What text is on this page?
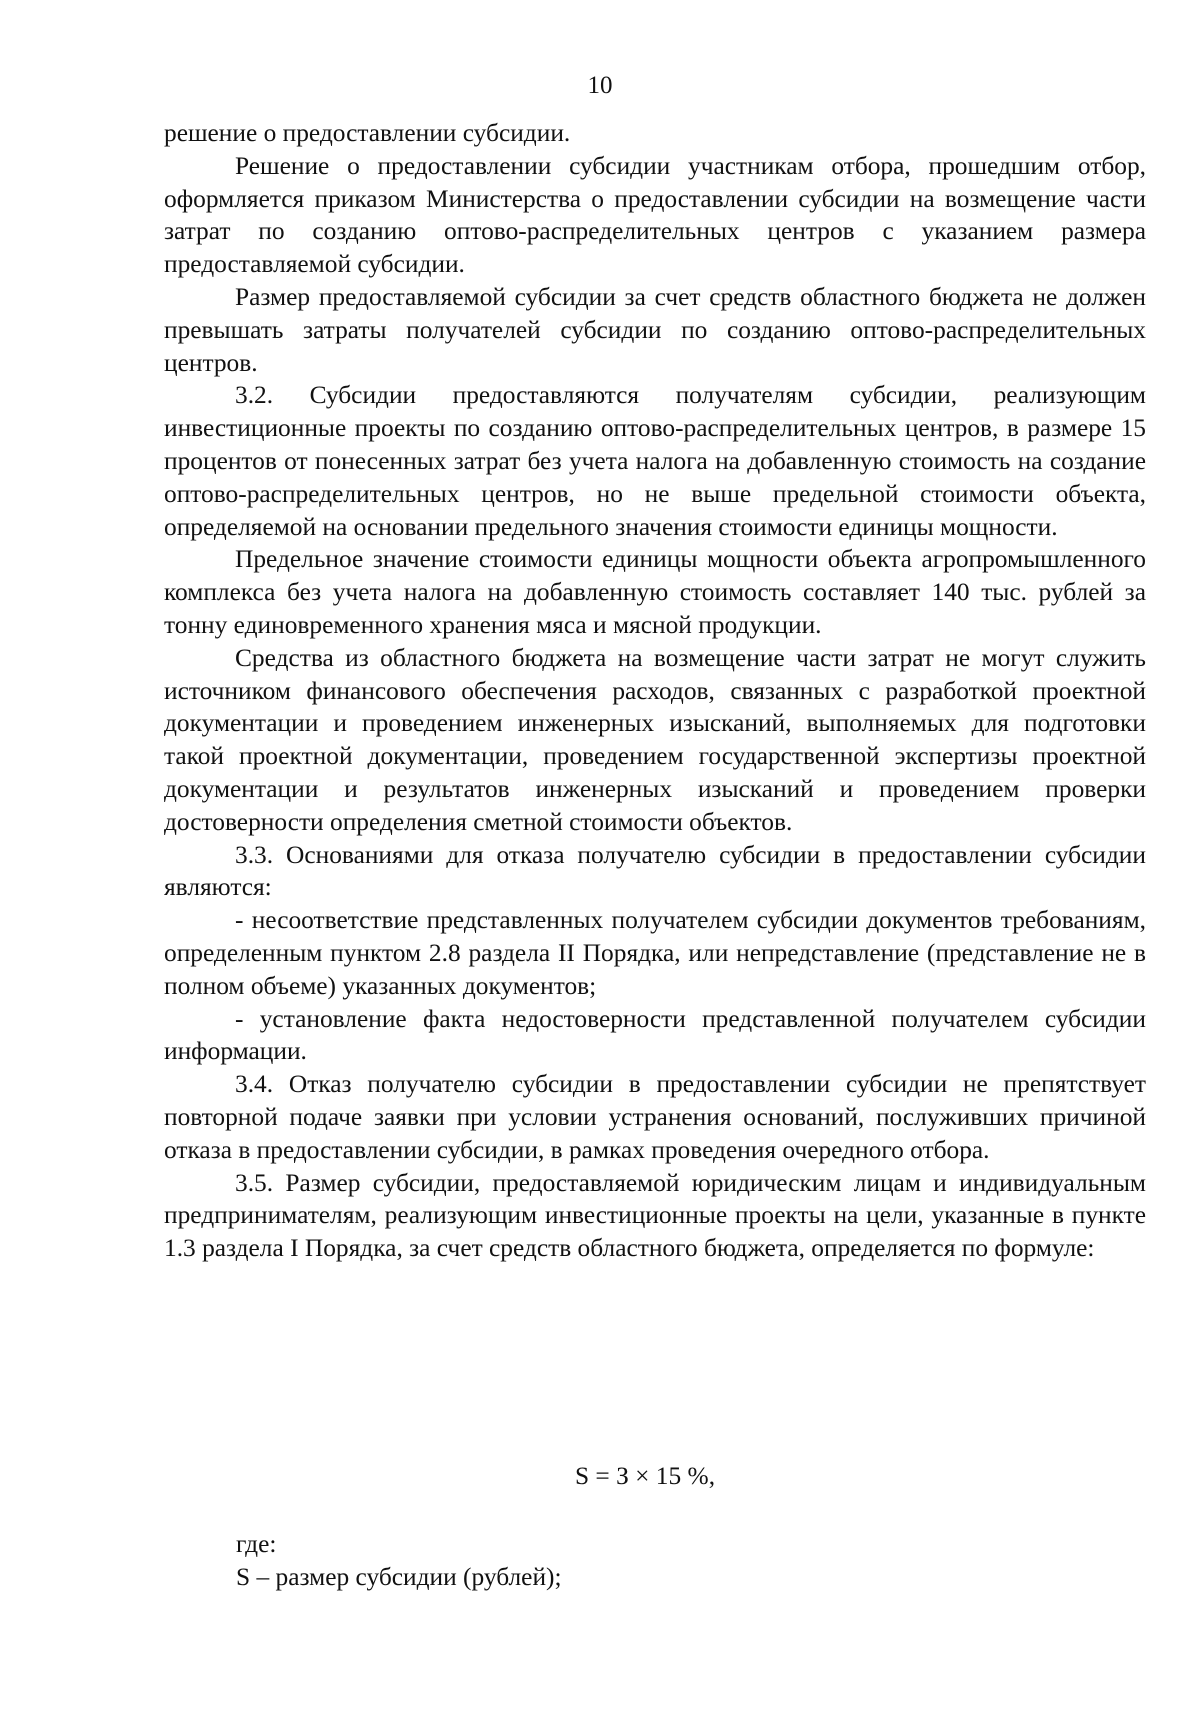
10

решение о предоставлении субсидии.

Решение о предоставлении субсидии участникам отбора, прошедшим отбор, оформляется приказом Министерства о предоставлении субсидии на возмещение части затрат по созданию оптово-распределительных центров с указанием размера предоставляемой субсидии.

Размер предоставляемой субсидии за счет средств областного бюджета не должен превышать затраты получателей субсидии по созданию оптово-распределительных центров.

3.2. Субсидии предоставляются получателям субсидии, реализующим инвестиционные проекты по созданию оптово-распределительных центров, в размере 15 процентов от понесенных затрат без учета налога на добавленную стоимость на создание оптово-распределительных центров, но не выше предельной стоимости объекта, определяемой на основании предельного значения стоимости единицы мощности.

Предельное значение стоимости единицы мощности объекта агропромышленного комплекса без учета налога на добавленную стоимость составляет 140 тыс. рублей за тонну единовременного хранения мяса и мясной продукции.

Средства из областного бюджета на возмещение части затрат не могут служить источником финансового обеспечения расходов, связанных с разработкой проектной документации и проведением инженерных изысканий, выполняемых для подготовки такой проектной документации, проведением государственной экспертизы проектной документации и результатов инженерных изысканий и проведением проверки достоверности определения сметной стоимости объектов.

3.3. Основаниями для отказа получателю субсидии в предоставлении субсидии являются:

- несоответствие представленных получателем субсидии документов требованиям, определенным пунктом 2.8 раздела II Порядка, или непредставление (представление не в полном объеме) указанных документов;

- установление факта недостоверности представленной получателем субсидии информации.

3.4. Отказ получателю субсидии в предоставлении субсидии не препятствует повторной подаче заявки при условии устранения оснований, послуживших причиной отказа в предоставлении субсидии, в рамках проведения очередного отбора.

3.5. Размер субсидии, предоставляемой юридическим лицам и индивидуальным предпринимателям, реализующим инвестиционные проекты на цели, указанные в пункте 1.3 раздела I Порядка, за счет средств областного бюджета, определяется по формуле:

S = З × 15 %,
где:
S – размер субсидии (рублей);
